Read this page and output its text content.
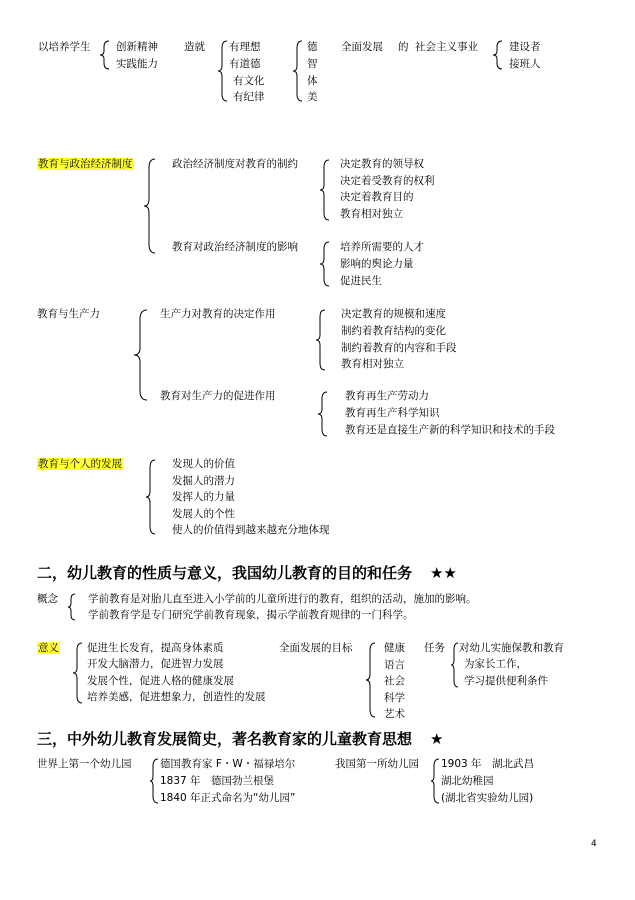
以培养学生 创新精神
实践能力
造就 有理想
有道德
有文化
有纪律
德
智
体
美
全面发展 的 社会主义事业	建设者
接班人
教育与政治经济制度	政治经济制度对教育的制约	决定教育的领导权
决定着受教育的权利
决定着教育目的
教育相对独立
教育对政治经济制度的影响	培养所需要的人才
影响的舆论力量
促进民生
教育与生产力	生产力对教育的决定作用	决定教育的规模和速度
制约着教育结构的变化
制约着教育的内容和手段
教育相对独立
教育对生产力的促进作用	教育再生产劳动力
教育再生产科学知识
教育还是直接生产新的科学知识和技术的手段
教育与个人的发展	发现人的价值
发掘人的潜力
发挥人的力量
发展人的个性
使人的价值得到越来越充分地体现
二，幼儿教育的性质与意义，我国幼儿教育的目的和任务 ★★
概念	学前教育是对胎儿直至进入小学前的儿童所进行的教育，组织的活动，施加的影响。
学前教育学是专门研究学前教育现象，揭示学前教育规律的一门科学。
意义	促进生长发育，提高身体素质
开发大脑潜力，促进智力发展
发展个性，促进人格的健康发展
培养美感，促进想象力，创造性的发展
全面发展的目标	健康
语言
社会
科学
艺术
任务 对幼儿实施保教和教育
为家长工作，
学习提供便利条件
三，中外幼儿教育发展简史，著名教育家的儿童教育思想 ★
世界上第一个幼儿园	德国教育家 F・W・福禄培尔
1837 年　德国勃兰根堡
1840 年正式命名为“幼儿园”
我国第一所幼儿园 1903 年　湖北武昌
湖北幼稚园
(湖北省实验幼儿园)
4
